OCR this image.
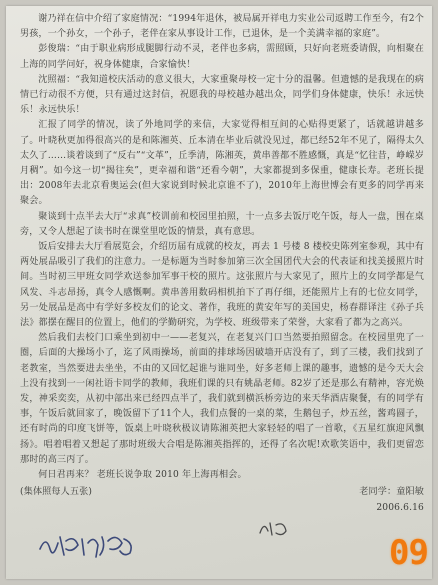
谢乃祥在信中介绍了家庭情况：“1994年退休，被局属开祥电力实业公司返聘工作至今，有2个男孩，一个孙女，一个孙子，老伴在家从事设计工作，已退休，是一个美满幸福的家庭”。

彭俊瑞：“由于职业病形成腿脚行动不灵，老伴也多病，需照顾，只好向老班委请假，向相聚在上海的同学问好，祝身体健康，合家愉快！

沈照福：“我知道校庆活动的意义很大，大家重聚母校一定十分的温馨。但遗憾的是我现在的病情已行动很不方便，只有通过这封信，祝愿我的母校越办越出众，同学们身体健康，快乐！永远快乐！永远快乐！

汇报了同学的情况，读了外地同学的来信，大家觉得相互间的心贴得更紧了，话就越讲越多了。叶晓秋更加得很高兴的是和陈湘英、丘本清在毕业后就没见过，都已经52年不见了，隔得太久太久了……谈着谈到了“反右”“文革”，丘季清，陈湘英，黄串善都不胜感慨，真是“忆往昔，峥嵘岁月稠”。如今这一切“揭往矣”，更幸福和谐“还看今朝”，大家都提到多保重，健康长寿。老班长提出：2008年去北京看奥运会(但大家说到时候北京谁不了)，2010年上海世博会有更多的同学再来聚会。

聚谈到十点半去大厅“求真”校训前和校园里拍照，十一点多去饭厅吃午饭，每人一盘，围在桌旁，又令人想起了读书时在课堂里吃饭的情景，真有意思。

饭后安排去大厅看展览会，介绍历届有成就的校友，再去 1 号楼 8 楼校史陈列室参观，其中有两处展品吸引了我们的注意力。一是标题为当时参加第三次全国团代大会的代表证和找美援照片时间。当时初三甲班女同学欢送参加军事干校的照片。这张照片与大家见了，照片上的女同学都是气风发、斗志昂扬，真令人感慨啊。黄串善用数码相机拍下了再仔细，还能照片上有的七位女同学，另一处展品是高中有学好多校友们的论文、著作，我班的黄安年写的美国史，杨春群译注《孙子兵法》都摆在醒目的位置上，他们的学勤研究，为学校、班级带来了荣誉，大家看了都为之高兴。

然后我们去校门口乘坐到初中一——老复兴，在老复兴门口当然要拍照留念。在校园里兜了一圈，后面的大操场小了，迄了风雨操场，前面的排球场因破墙开店没有了，到了三楼，我们找到了老教室，当然要进去坐坐，不由的又回忆起谁与谁同坐，好多老师上课的趣事，遗憾的是今天大会上没有找到一一闲社语卡同学的教师，我班们课的只有姚晶老师。82岁了还是那么有精神，容光焕发，神采奕奕，从初中部出来已经四点半了，我们就到横浜桥旁边的来天华酒店聚餐，有的同学有事，午饭后就回家了，晚饭留下了11个人，我们点餐的一桌的菜，生鹅包子，炒五丝，酱鸡圆子，还有时尚的印度飞饼等，饭桌上叶晓秋极议请陈湘英把大家轻轻的唱了一首歌，《五星红旗迎风飘扬》。唱着唱着又想起了那时班级大合唱是陈湘英指挥的，还得了名次呢!欢歌笑语中，我们更留恋那时的高三丙了。

何日君再来？ 老班长说争取 2010 年上海再相会。

(集体照每人五张)	老同学：童阳敏
2006.6.16
09
